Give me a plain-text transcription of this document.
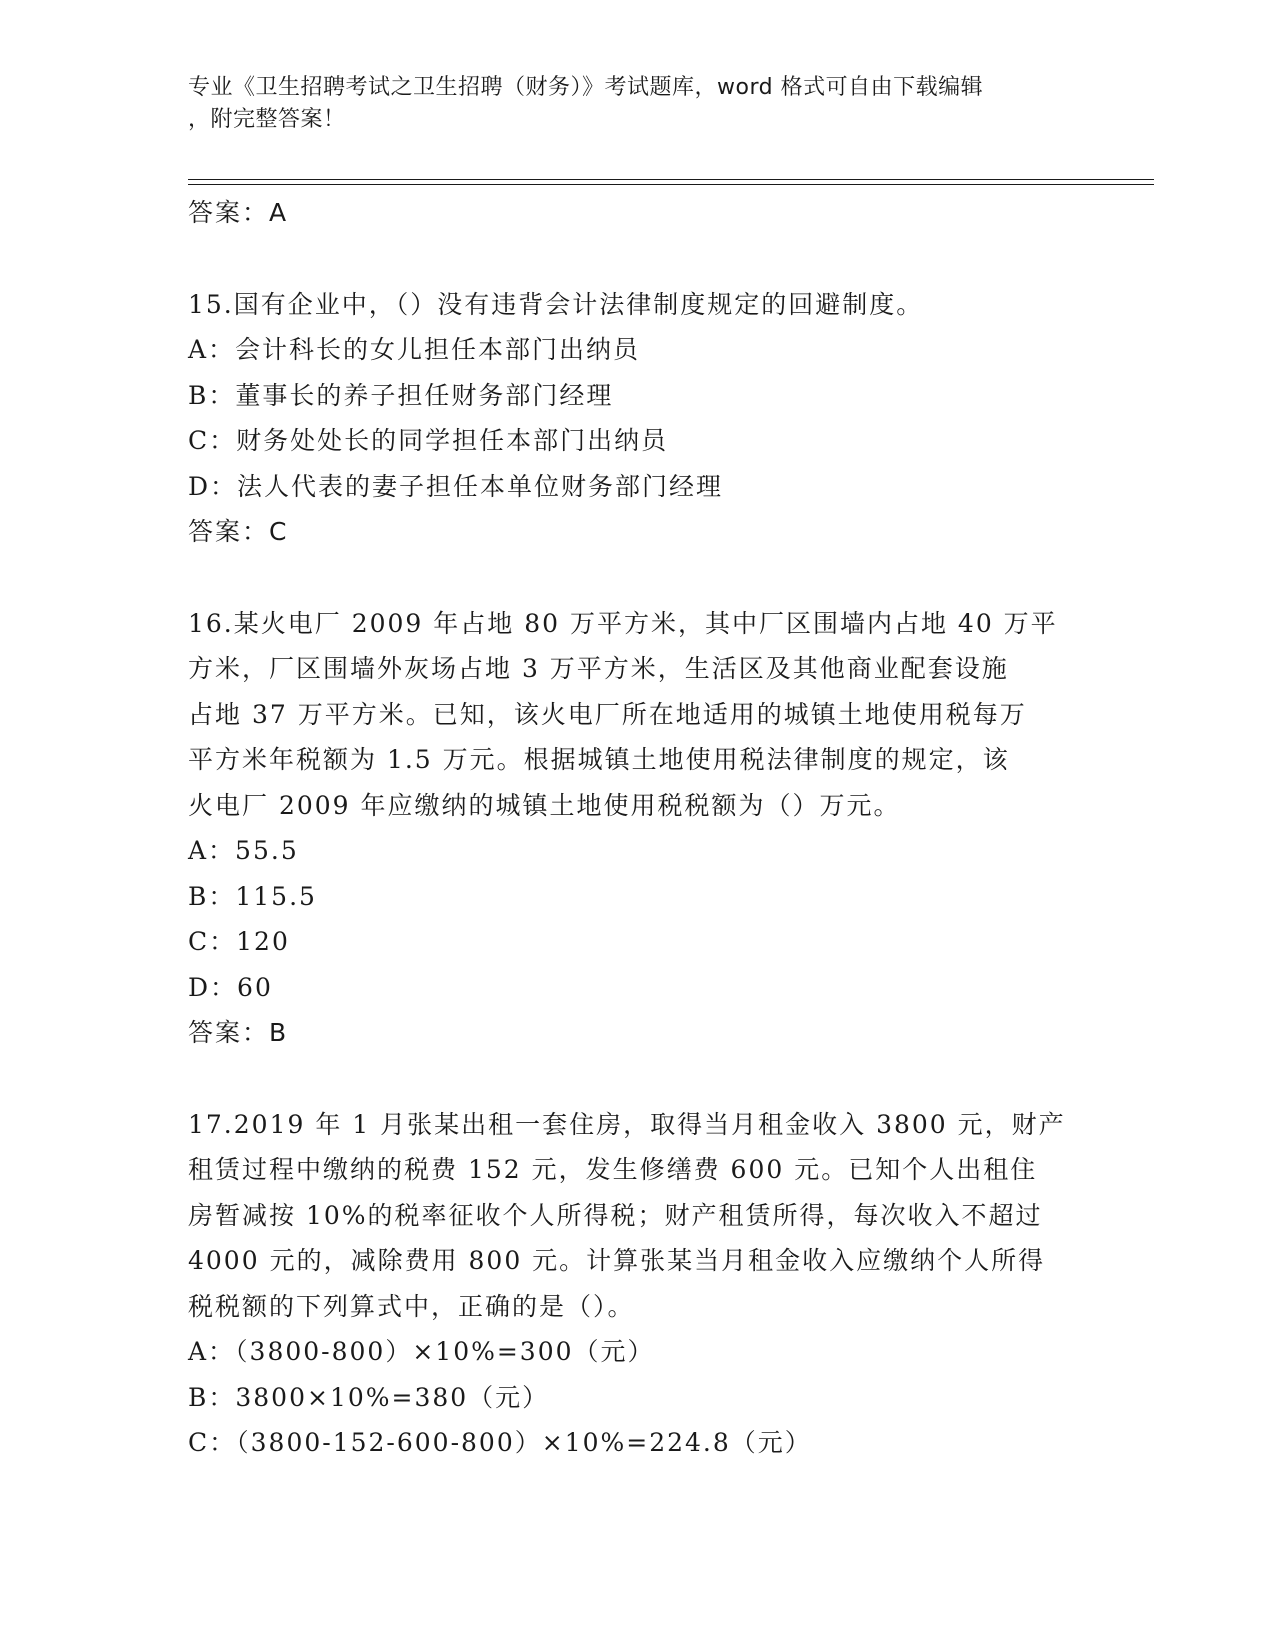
专业《卫生招聘考试之卫生招聘（财务）》考试题库，word 格式可自由下载编辑
，附完整答案！
答案：A
15.国有企业中，（）没有违背会计法律制度规定的回避制度。
A：会计科长的女儿担任本部门出纳员
B：董事长的养子担任财务部门经理
C：财务处处长的同学担任本部门出纳员
D：法人代表的妻子担任本单位财务部门经理
答案：C
16.某火电厂 2009 年占地 80 万平方米，其中厂区围墙内占地 40 万平
方米，厂区围墙外灰场占地 3 万平方米，生活区及其他商业配套设施
占地 37 万平方米。已知，该火电厂所在地适用的城镇土地使用税每万
平方米年税额为 1.5 万元。根据城镇土地使用税法律制度的规定，该
火电厂 2009 年应缴纳的城镇土地使用税税额为（）万元。
A：55.5
B：115.5
C：120
D：60
答案：B
17.2019 年 1 月张某出租一套住房，取得当月租金收入 3800 元，财产
租赁过程中缴纳的税费 152 元，发生修缮费 600 元。已知个人出租住
房暂减按 10%的税率征收个人所得税；财产租赁所得，每次收入不超过
4000 元的，减除费用 800 元。计算张某当月租金收入应缴纳个人所得
税税额的下列算式中，正确的是（）。
A：（3800-800）×10%=300（元）
B：3800×10%=380（元）
C：（3800-152-600-800）×10%=224.8（元）
